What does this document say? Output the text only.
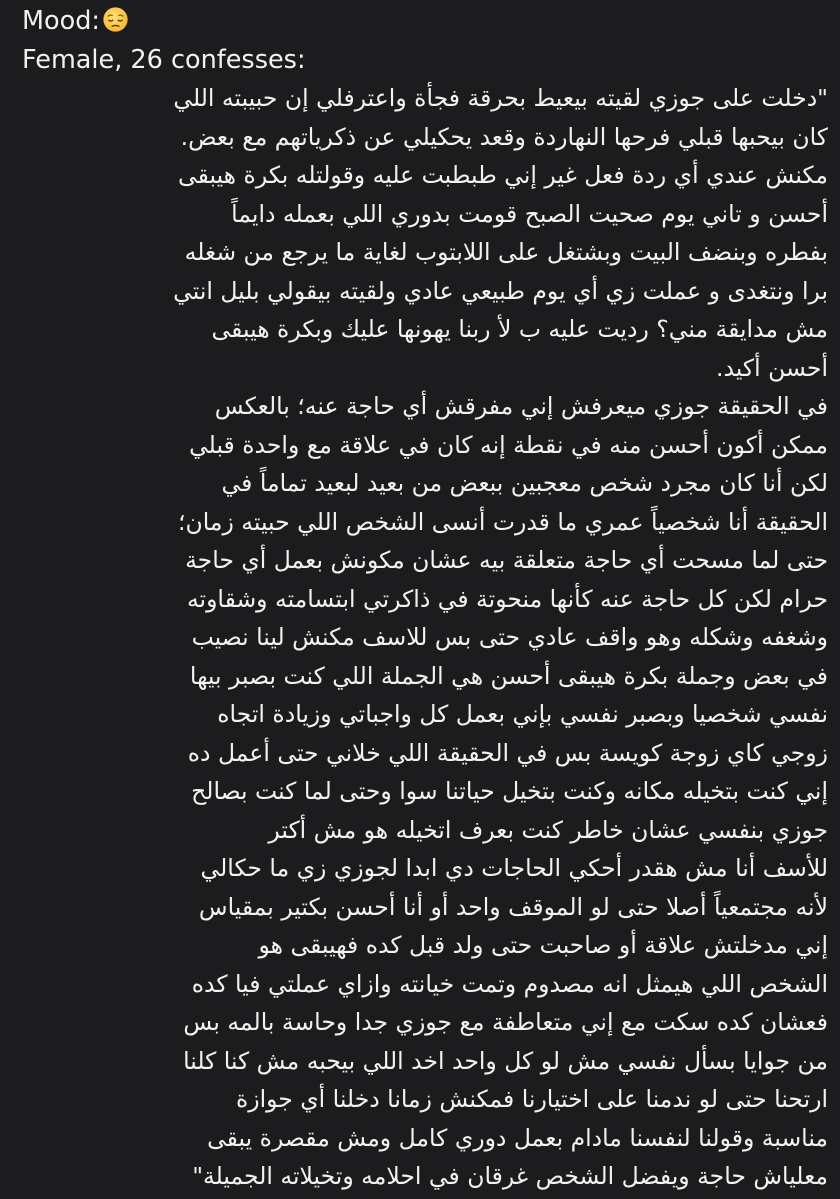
Mood:
Female, 26 confesses:
"دخلت على جوزي لقيته بيعيط بحرقة فجأة واعترفلي إن حبيبته اللي
كان بيحبها قبلي فرحها النهاردة وقعد يحكيلي عن ذكرياتهم مع بعض.
مكنش عندي أي ردة فعل غير إني طبطبت عليه وقولتله بكرة هيبقى
أحسن و تاني يوم صحيت الصبح قومت بدوري اللي بعمله دايماً
بفطره وبنضف البيت وبشتغل على اللابتوب لغاية ما يرجع من شغله
برا ونتغدى و عملت زي أي يوم طبيعي عادي ولقيته بيقولي بليل انتي
مش مدايقة مني؟ رديت عليه ب لأ ربنا يهونها عليك وبكرة هيبقى
أحسن أكيد.
في الحقيقة جوزي ميعرفش إني مفرقش أي حاجة عنه؛ بالعكس
ممكن أكون أحسن منه في نقطة إنه كان في علاقة مع واحدة قبلي
لكن أنا كان مجرد شخص معجبين ببعض من بعيد لبعيد تماماً في
الحقيقة أنا شخصياً عمري ما قدرت أنسى الشخص اللي حبيته زمان؛
حتى لما مسحت أي حاجة متعلقة بيه عشان مكونش بعمل أي حاجة
حرام لكن كل حاجة عنه كأنها منحوتة في ذاكرتي ابتسامته وشقاوته
وشغفه وشكله وهو واقف عادي حتى بس للاسف مكنش لينا نصيب
في بعض وجملة بكرة هيبقى أحسن هي الجملة اللي كنت بصبر بيها
نفسي شخصيا وبصبر نفسي بإني بعمل كل واجباتي وزيادة اتجاه
زوجي كاي زوجة كويسة بس في الحقيقة اللي خلاني حتى أعمل ده
إني كنت بتخيله مكانه وكنت بتخيل حياتنا سوا وحتى لما كنت بصالح
جوزي بنفسي عشان خاطر كنت بعرف اتخيله هو مش أكتر
للأسف أنا مش هقدر أحكي الحاجات دي ابدا لجوزي زي ما حكالي
لأنه مجتمعياً أصلا حتى لو الموقف واحد أو أنا أحسن بكتير بمقياس
إني مدخلتش علاقة أو صاحبت حتى ولد قبل كده فهيبقى هو
الشخص اللي هيمثل انه مصدوم وتمت خيانته وازاي عملتي فيا كده
فعشان كده سكت مع إني متعاطفة مع جوزي جدا وحاسة بالمه بس
من جوايا بسأل نفسي مش لو كل واحد اخد اللي بيحبه مش كنا كلنا
ارتحنا حتى لو ندمنا على اختيارنا فمكنش زمانا دخلنا أي جوازة
مناسبة وقولنا لنفسنا مادام بعمل دوري كامل ومش مقصرة يبقى
معلياش حاجة ويفضل الشخص غرقان في احلامه وتخيلاته الجميلة"
